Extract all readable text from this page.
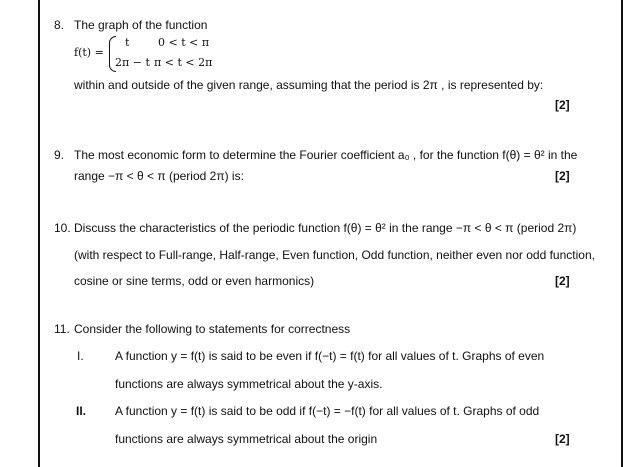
8. The graph of the function
f(t) =
t	0 < t < π
2π − t π < t < 2π
within and outside of the given range, assuming that the period is 2π , is represented by:
[2]
9. The most economic form to determine the Fourier coefficient a₀ , for the function f(θ) = θ² in the
range −π < θ < π (period 2π) is:	[2]
10. Discuss the characteristics of the periodic function f(θ) = θ² in the range −π < θ < π (period 2π)
(with respect to Full-range, Half-range, Even function, Odd function, neither even nor odd function,
cosine or sine terms, odd or even harmonics)	[2]
11. Consider the following to statements for correctness
I.	A function y = f(t) is said to be even if f(−t) = f(t) for all values of t. Graphs of even
functions are always symmetrical about the y-axis.
II. A function y = f(t) is said to be odd if f(−t) = −f(t) for all values of t. Graphs of odd
functions are always symmetrical about the origin	[2]
